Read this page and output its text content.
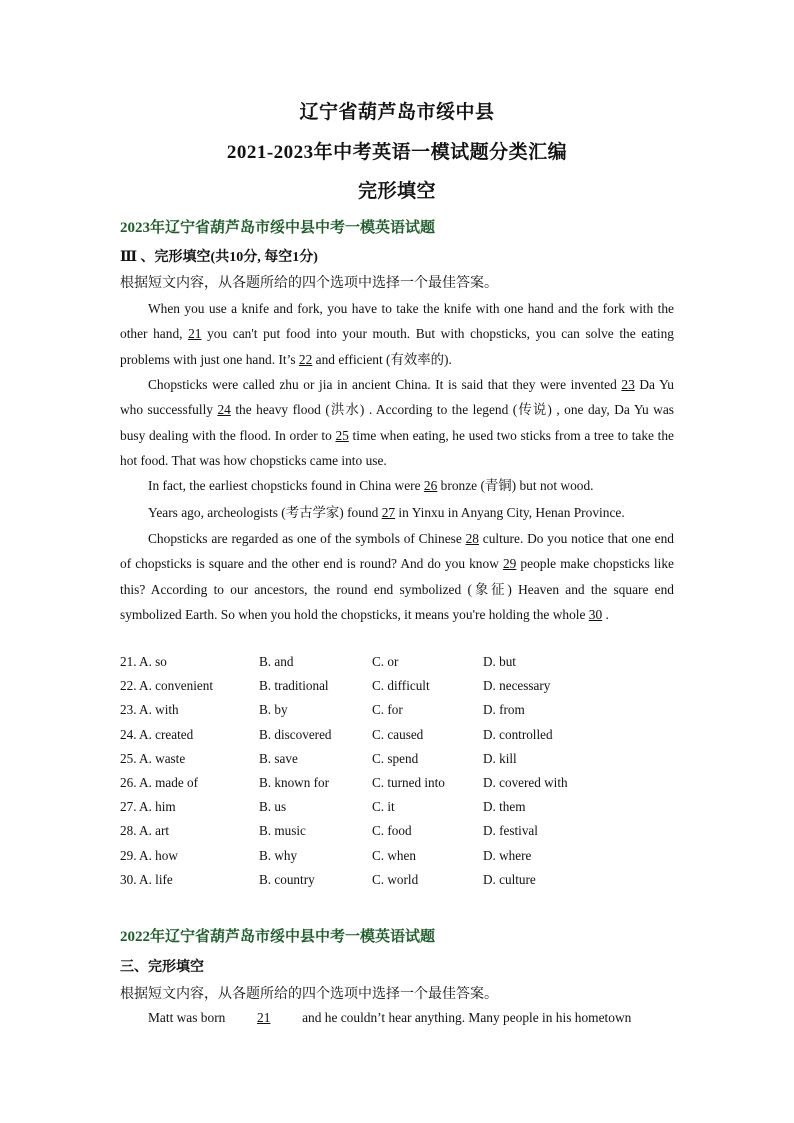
辽宁省葫芦岛市绥中县
2021-2023年中考英语一模试题分类汇编
完形填空
2023年辽宁省葫芦岛市绥中县中考一模英语试题
Ⅲ 、完形填空(共10分, 每空1分)
根据短文内容，从各题所给的四个选项中选择一个最佳答案。

When you use a knife and fork, you have to take the knife with one hand and the fork with the other hand, 21 you can't put food into your mouth. But with chopsticks, you can solve the eating problems with just one hand. It’s 22 and efficient (有效率的).

Chopsticks were called zhu or jia in ancient China. It is said that they were invented 23 Da Yu who successfully 24 the heavy flood (洪水) . According to the legend (传说) , one day, Da Yu was busy dealing with the flood. In order to 25 time when eating, he used two sticks from a tree to take the hot food. That was how chopsticks came into use.

In fact, the earliest chopsticks found in China were 26 bronze (青铜) but not wood.

Years ago, archeologists (考古学家) found 27 in Yinxu in Anyang City, Henan Province.

Chopsticks are regarded as one of the symbols of Chinese 28 culture. Do you notice that one end of chopsticks is square and the other end is round? And do you know 29 people make chopsticks like this? According to our ancestors, the round end symbolized (象征) Heaven and the square end symbolized Earth. So when you hold the chopsticks, it means you're holding the whole 30 .

21. A. so	B. and	C. or	D. but
22. A. convenient	B. traditional	C. difficult	D. necessary
23. A. with	B. by	C. for	D. from
24. A. created	B. discovered	C. caused	D. controlled
25. A. waste	B. save	C. spend	D. kill
26. A. made of	B. known for	C. turned into	D. covered with
27. A. him	B. us	C. it	D. them
28. A. art	B. music	C. food	D. festival
29. A. how	B. why	C. when	D. where
30. A. life	B. country	C. world	D. culture
2022年辽宁省葫芦岛市绥中县中考一模英语试题
三、完形填空
根据短文内容，从各题所给的四个选项中选择一个最佳答案。

Matt was born 21 and he couldn’t hear anything. Many people in his hometown
